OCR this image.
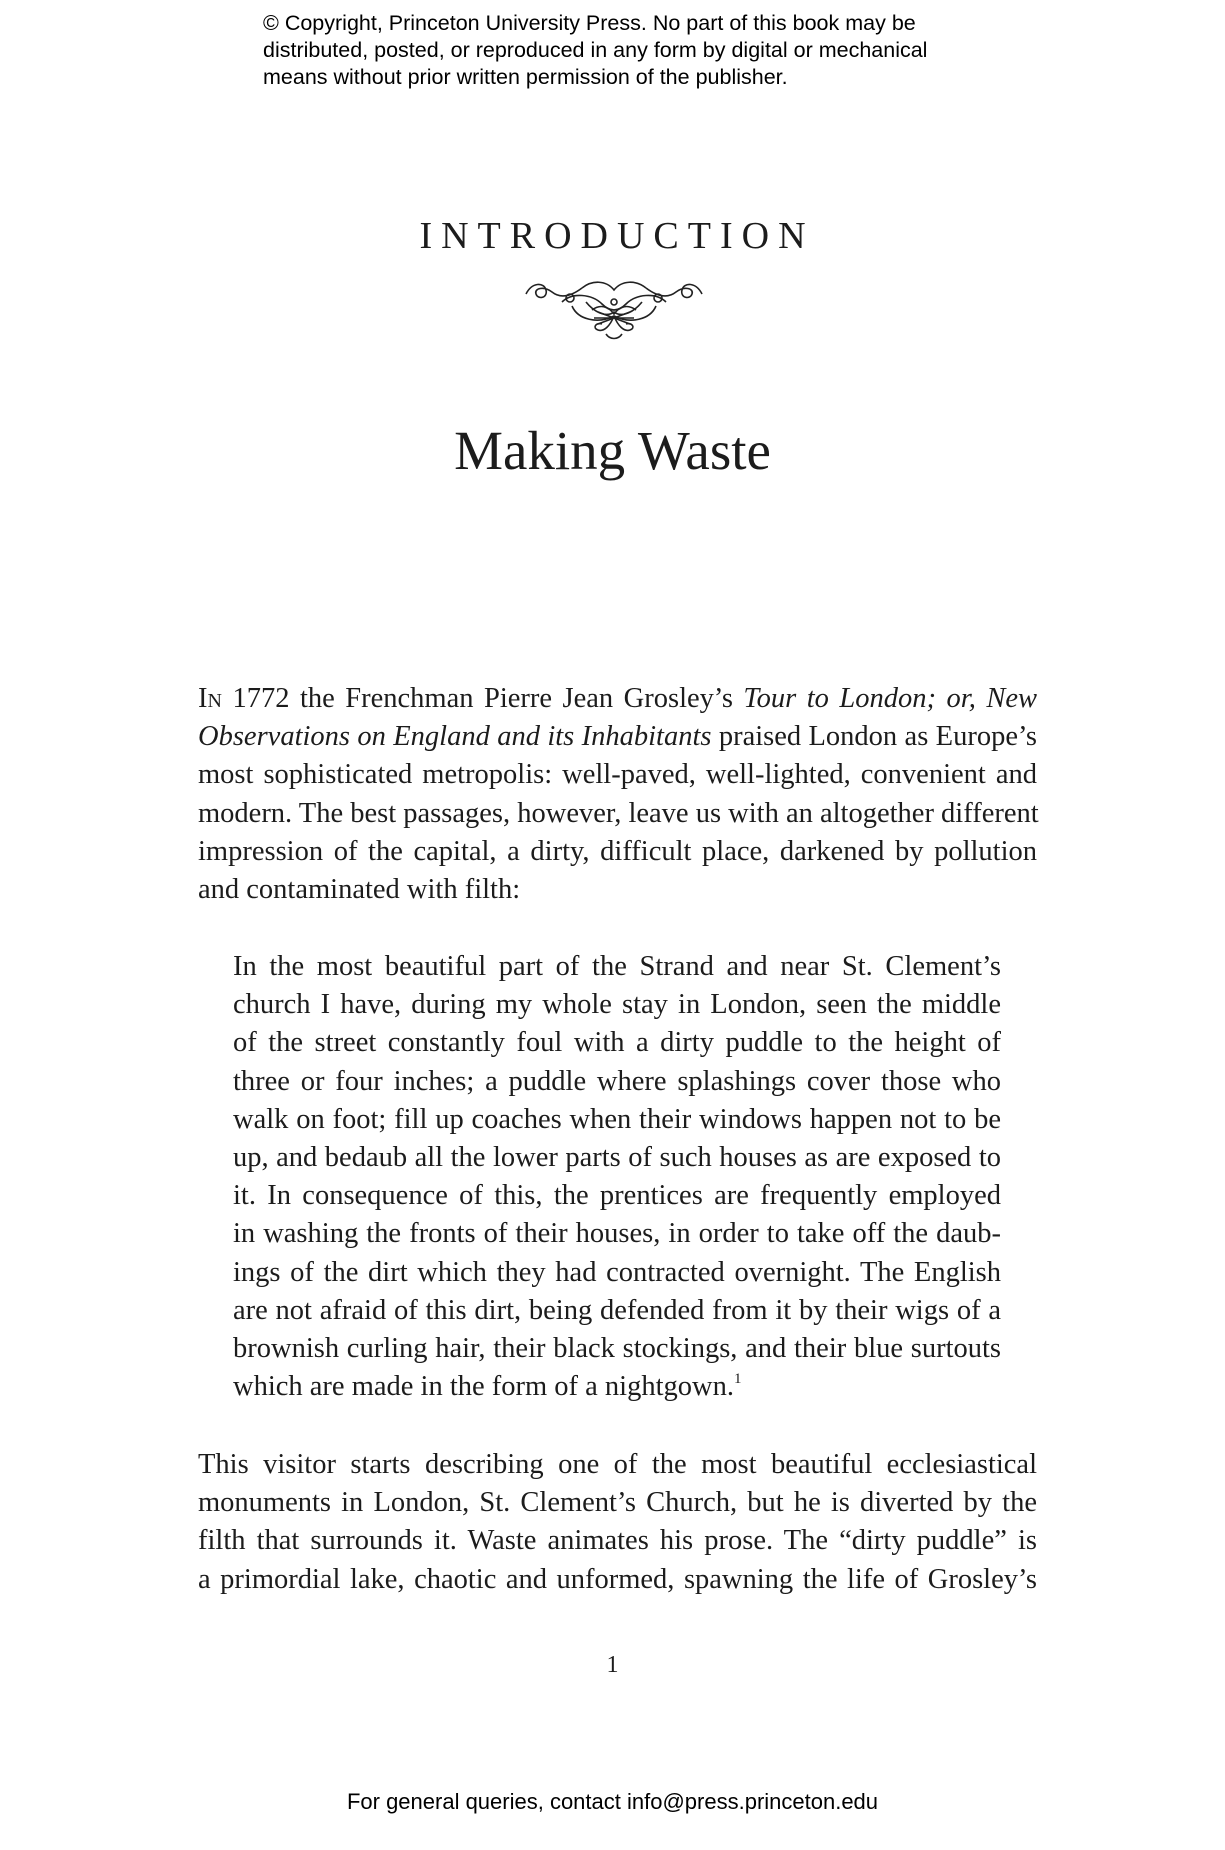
© Copyright, Princeton University Press. No part of this book may be
distributed, posted, or reproduced in any form by digital or mechanical
means without prior written permission of the publisher.
INTRODUCTION
Making Waste
In 1772 the Frenchman Pierre Jean Grosley’s Tour to London; or, New
Observations on England and its Inhabitants praised London as Europe’s
most sophisticated metropolis: well-paved, well-lighted, convenient and
modern. The best passages, however, leave us with an altogether different
impression of the capital, a dirty, difficult place, darkened by pollution
and contaminated with filth:
In the most beautiful part of the Strand and near St. Clement’s
church I have, during my whole stay in London, seen the middle
of the street constantly foul with a dirty puddle to the height of
three or four inches; a puddle where splashings cover those who
walk on foot; fill up coaches when their windows happen not to be
up, and bedaub all the lower parts of such houses as are exposed to
it. In consequence of this, the prentices are frequently employed
in washing the fronts of their houses, in order to take off the daub-
ings of the dirt which they had contracted overnight. The English
are not afraid of this dirt, being defended from it by their wigs of a
brownish curling hair, their black stockings, and their blue surtouts
which are made in the form of a nightgown.$^1$
This visitor starts describing one of the most beautiful ecclesiastical
monuments in London, St. Clement’s Church, but he is diverted by the
filth that surrounds it. Waste animates his prose. The “dirty puddle” is
a primordial lake, chaotic and unformed, spawning the life of Grosley’s
1
For general queries, contact info@press.princeton.edu
